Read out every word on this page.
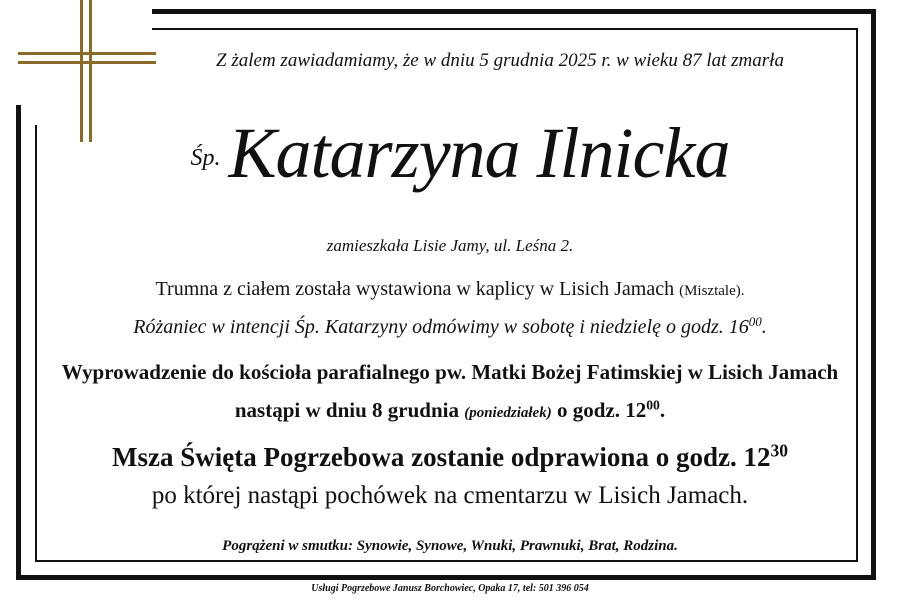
Z żalem zawiadamiamy, że w dniu 5 grudnia 2025 r. w wieku 87 lat zmarła
Śp. Katarzyna Ilnicka
zamieszkała Lisie Jamy, ul. Leśna 2.
Trumna z ciałem została wystawiona w kaplicy w Lisich Jamach (Misztale).
Różaniec w intencji Śp. Katarzyny odmówimy w sobotę i niedzielę o godz. $16^{00}$.
Wyprowadzenie do kościoła parafialnego pw. Matki Bożej Fatimskiej w Lisich Jamach
nastąpi w dniu 8 grudnia (poniedziałek) o godz. $12^{00}$.
Msza Święta Pogrzebowa zostanie odprawiona o godz. $12^{30}$
po której nastąpi pochówek na cmentarzu w Lisich Jamach.
Pogrążeni w smutku: Synowie, Synowe, Wnuki, Prawnuki, Brat, Rodzina.
Usługi Pogrzebowe Janusz Borchowiec, Opaka 17, tel: 501 396 054
